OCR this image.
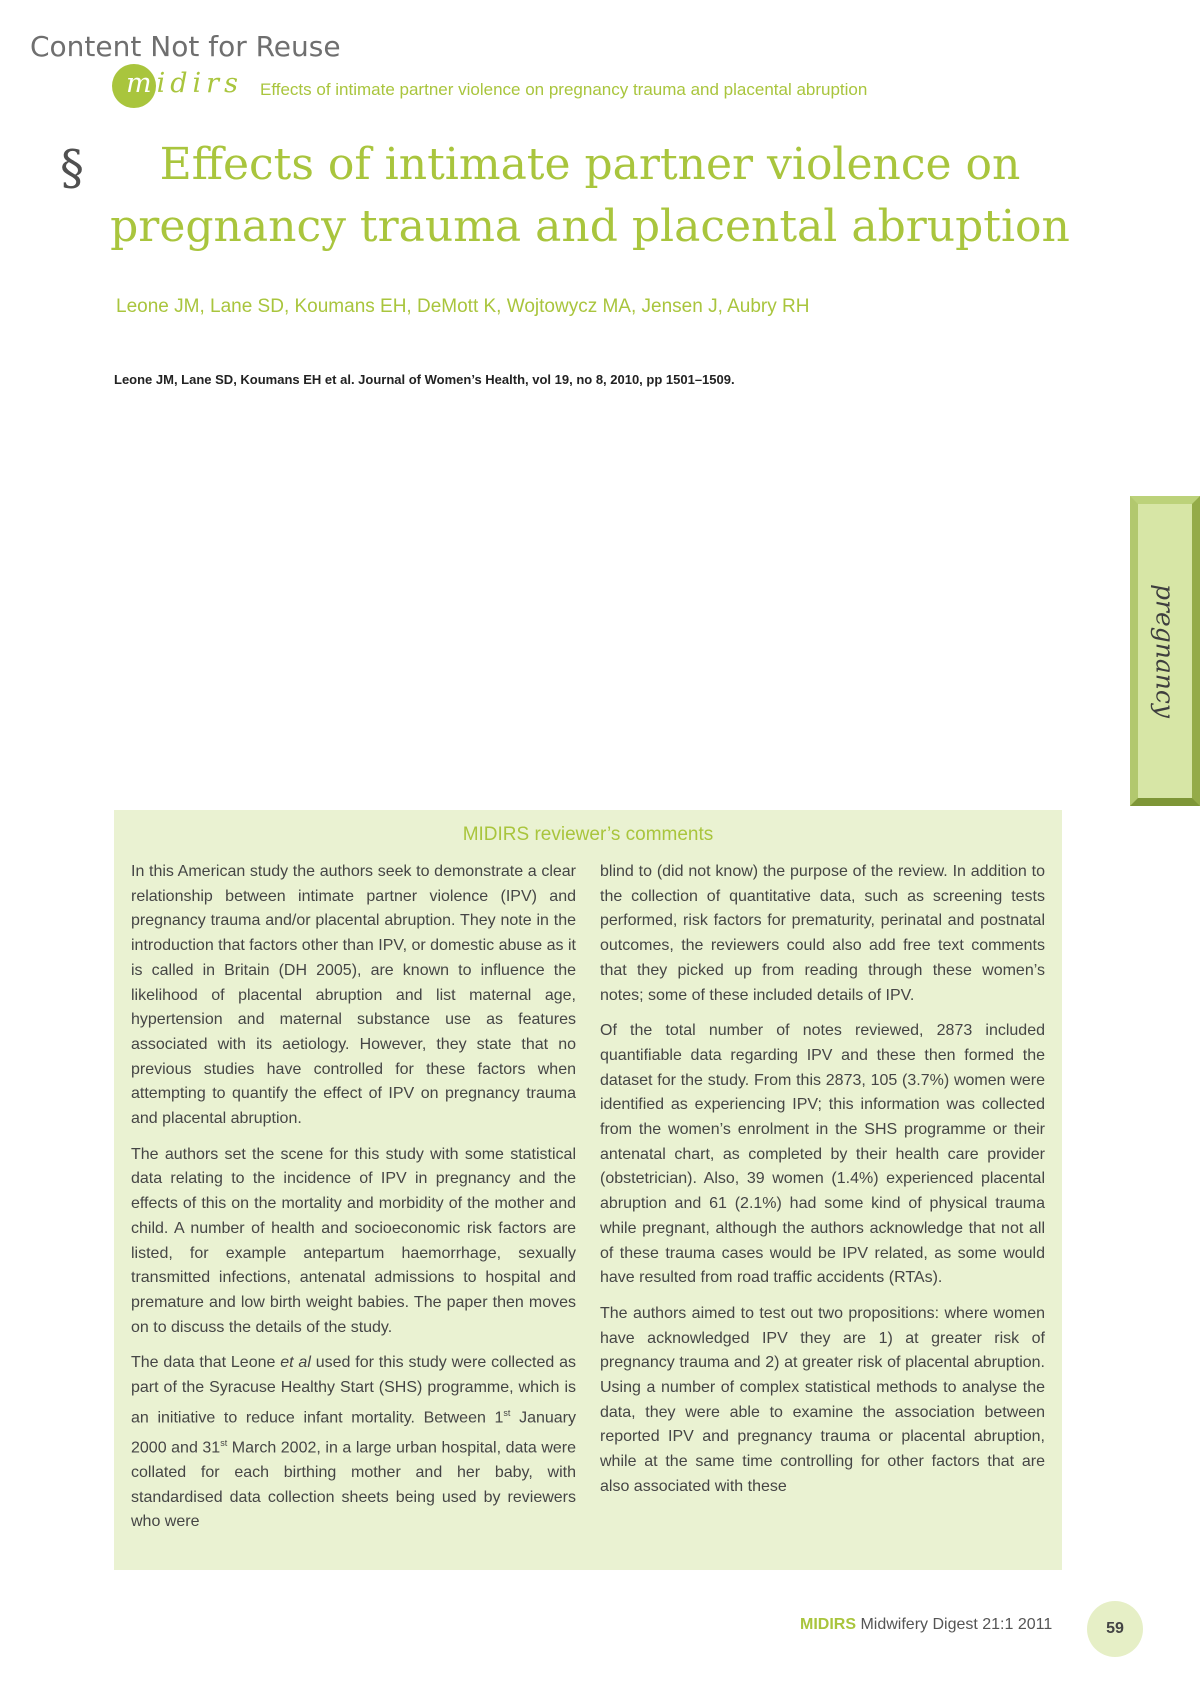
Content Not for Reuse
midirs Effects of intimate partner violence on pregnancy trauma and placental abruption
§	Effects of intimate partner violence on
pregnancy trauma and placental abruption
Leone JM, Lane SD, Koumans EH, DeMott K, Wojtowycz MA, Jensen J, Aubry RH
Leone JM, Lane SD, Koumans EH et al. Journal of Women’s Health, vol 19, no 8, 2010, pp 1501–1509.
pregnancy
MIDIRS reviewer’s comments

In this American study the authors seek to demonstrate a clear relationship between intimate partner violence (IPV) and pregnancy trauma and/or placental abruption. They note in the introduction that factors other than IPV, or domestic abuse as it is called in Britain (DH 2005), are known to influence the likelihood of placental abruption and list maternal age, hypertension and maternal substance use as features associated with its aetiology. However, they state that no previous studies have controlled for these factors when attempting to quantify the effect of IPV on pregnancy trauma and placental abruption.

The authors set the scene for this study with some statistical data relating to the incidence of IPV in pregnancy and the effects of this on the mortality and morbidity of the mother and child. A number of health and socioeconomic risk factors are listed, for example antepartum haemorrhage, sexually transmitted infections, antenatal admissions to hospital and premature and low birth weight babies. The paper then moves on to discuss the details of the study.

The data that Leone et al used for this study were collected as part of the Syracuse Healthy Start (SHS) programme, which is an initiative to reduce infant mortality. Between 1st January 2000 and 31st March 2002, in a large urban hospital, data were collated for each birthing mother and her baby, with standardised data collection sheets being used by reviewers who were

blind to (did not know) the purpose of the review. In addition to the collection of quantitative data, such as screening tests performed, risk factors for prematurity, perinatal and postnatal outcomes, the reviewers could also add free text comments that they picked up from reading through these women’s notes; some of these included details of IPV.

Of the total number of notes reviewed, 2873 included quantifiable data regarding IPV and these then formed the dataset for the study. From this 2873, 105 (3.7%) women were identified as experiencing IPV; this information was collected from the women’s enrolment in the SHS programme or their antenatal chart, as completed by their health care provider (obstetrician). Also, 39 women (1.4%) experienced placental abruption and 61 (2.1%) had some kind of physical trauma while pregnant, although the authors acknowledge that not all of these trauma cases would be IPV related, as some would have resulted from road traffic accidents (RTAs).

The authors aimed to test out two propositions: where women have acknowledged IPV they are 1) at greater risk of pregnancy trauma and 2) at greater risk of placental abruption. Using a number of complex statistical methods to analyse the data, they were able to examine the association between reported IPV and pregnancy trauma or placental abruption, while at the same time controlling for other factors that are also associated with these

MIDIRS Midwifery Digest 21:1 2011	59
